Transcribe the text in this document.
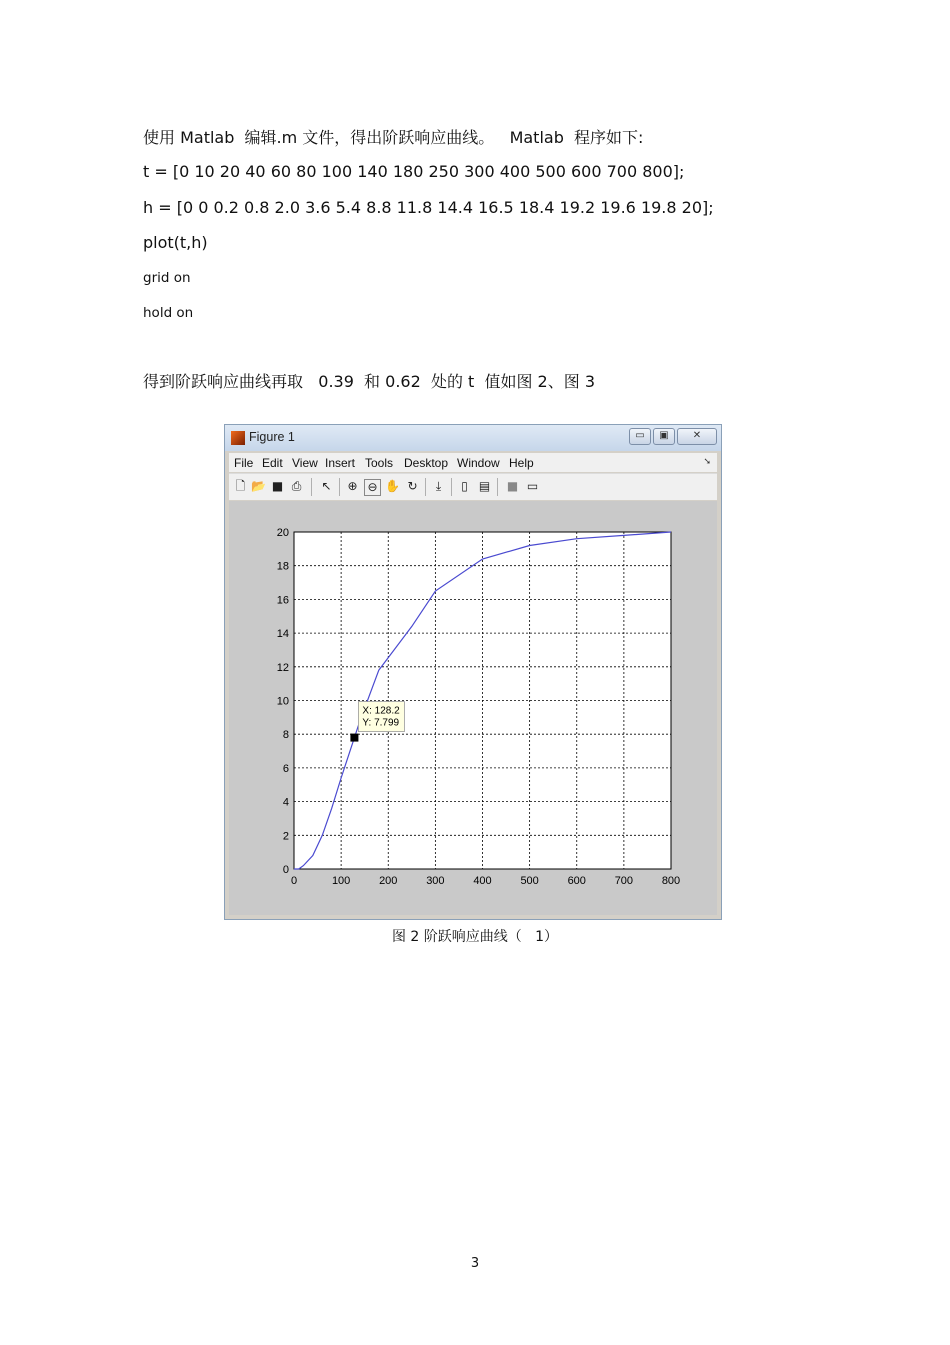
使用 Matlab  编辑.m 文件，得出阶跃响应曲线。   Matlab  程序如下:
t = [0 10 20 40 60 80 100 140 180 250 300 400 500 600 700 800];
h = [0 0 0.2 0.8 2.0 3.6 5.4 8.8 11.8 14.4 16.5 18.4 19.2 19.6 19.8 20];
plot(t,h)
grid on
hold on
得到阶跃响应曲线再取   0.39  和 0.62  处的 t  值如图 2、图 3
Figure 1	▭	▣	✕
File Edit View Insert Tools Desktop Window Help	➘
🗋 📂 ■ ⎙ ↖ ⊕ ⊖ ✋ ↻	⤓	▯ ▤ ■ ▭
0	100	200	300	400	500	600	700	800
0
2
4
6
8
10
12
14
16
18
20
X: 128.2
Y: 7.799
图 2 阶跃响应曲线（   1）
3
